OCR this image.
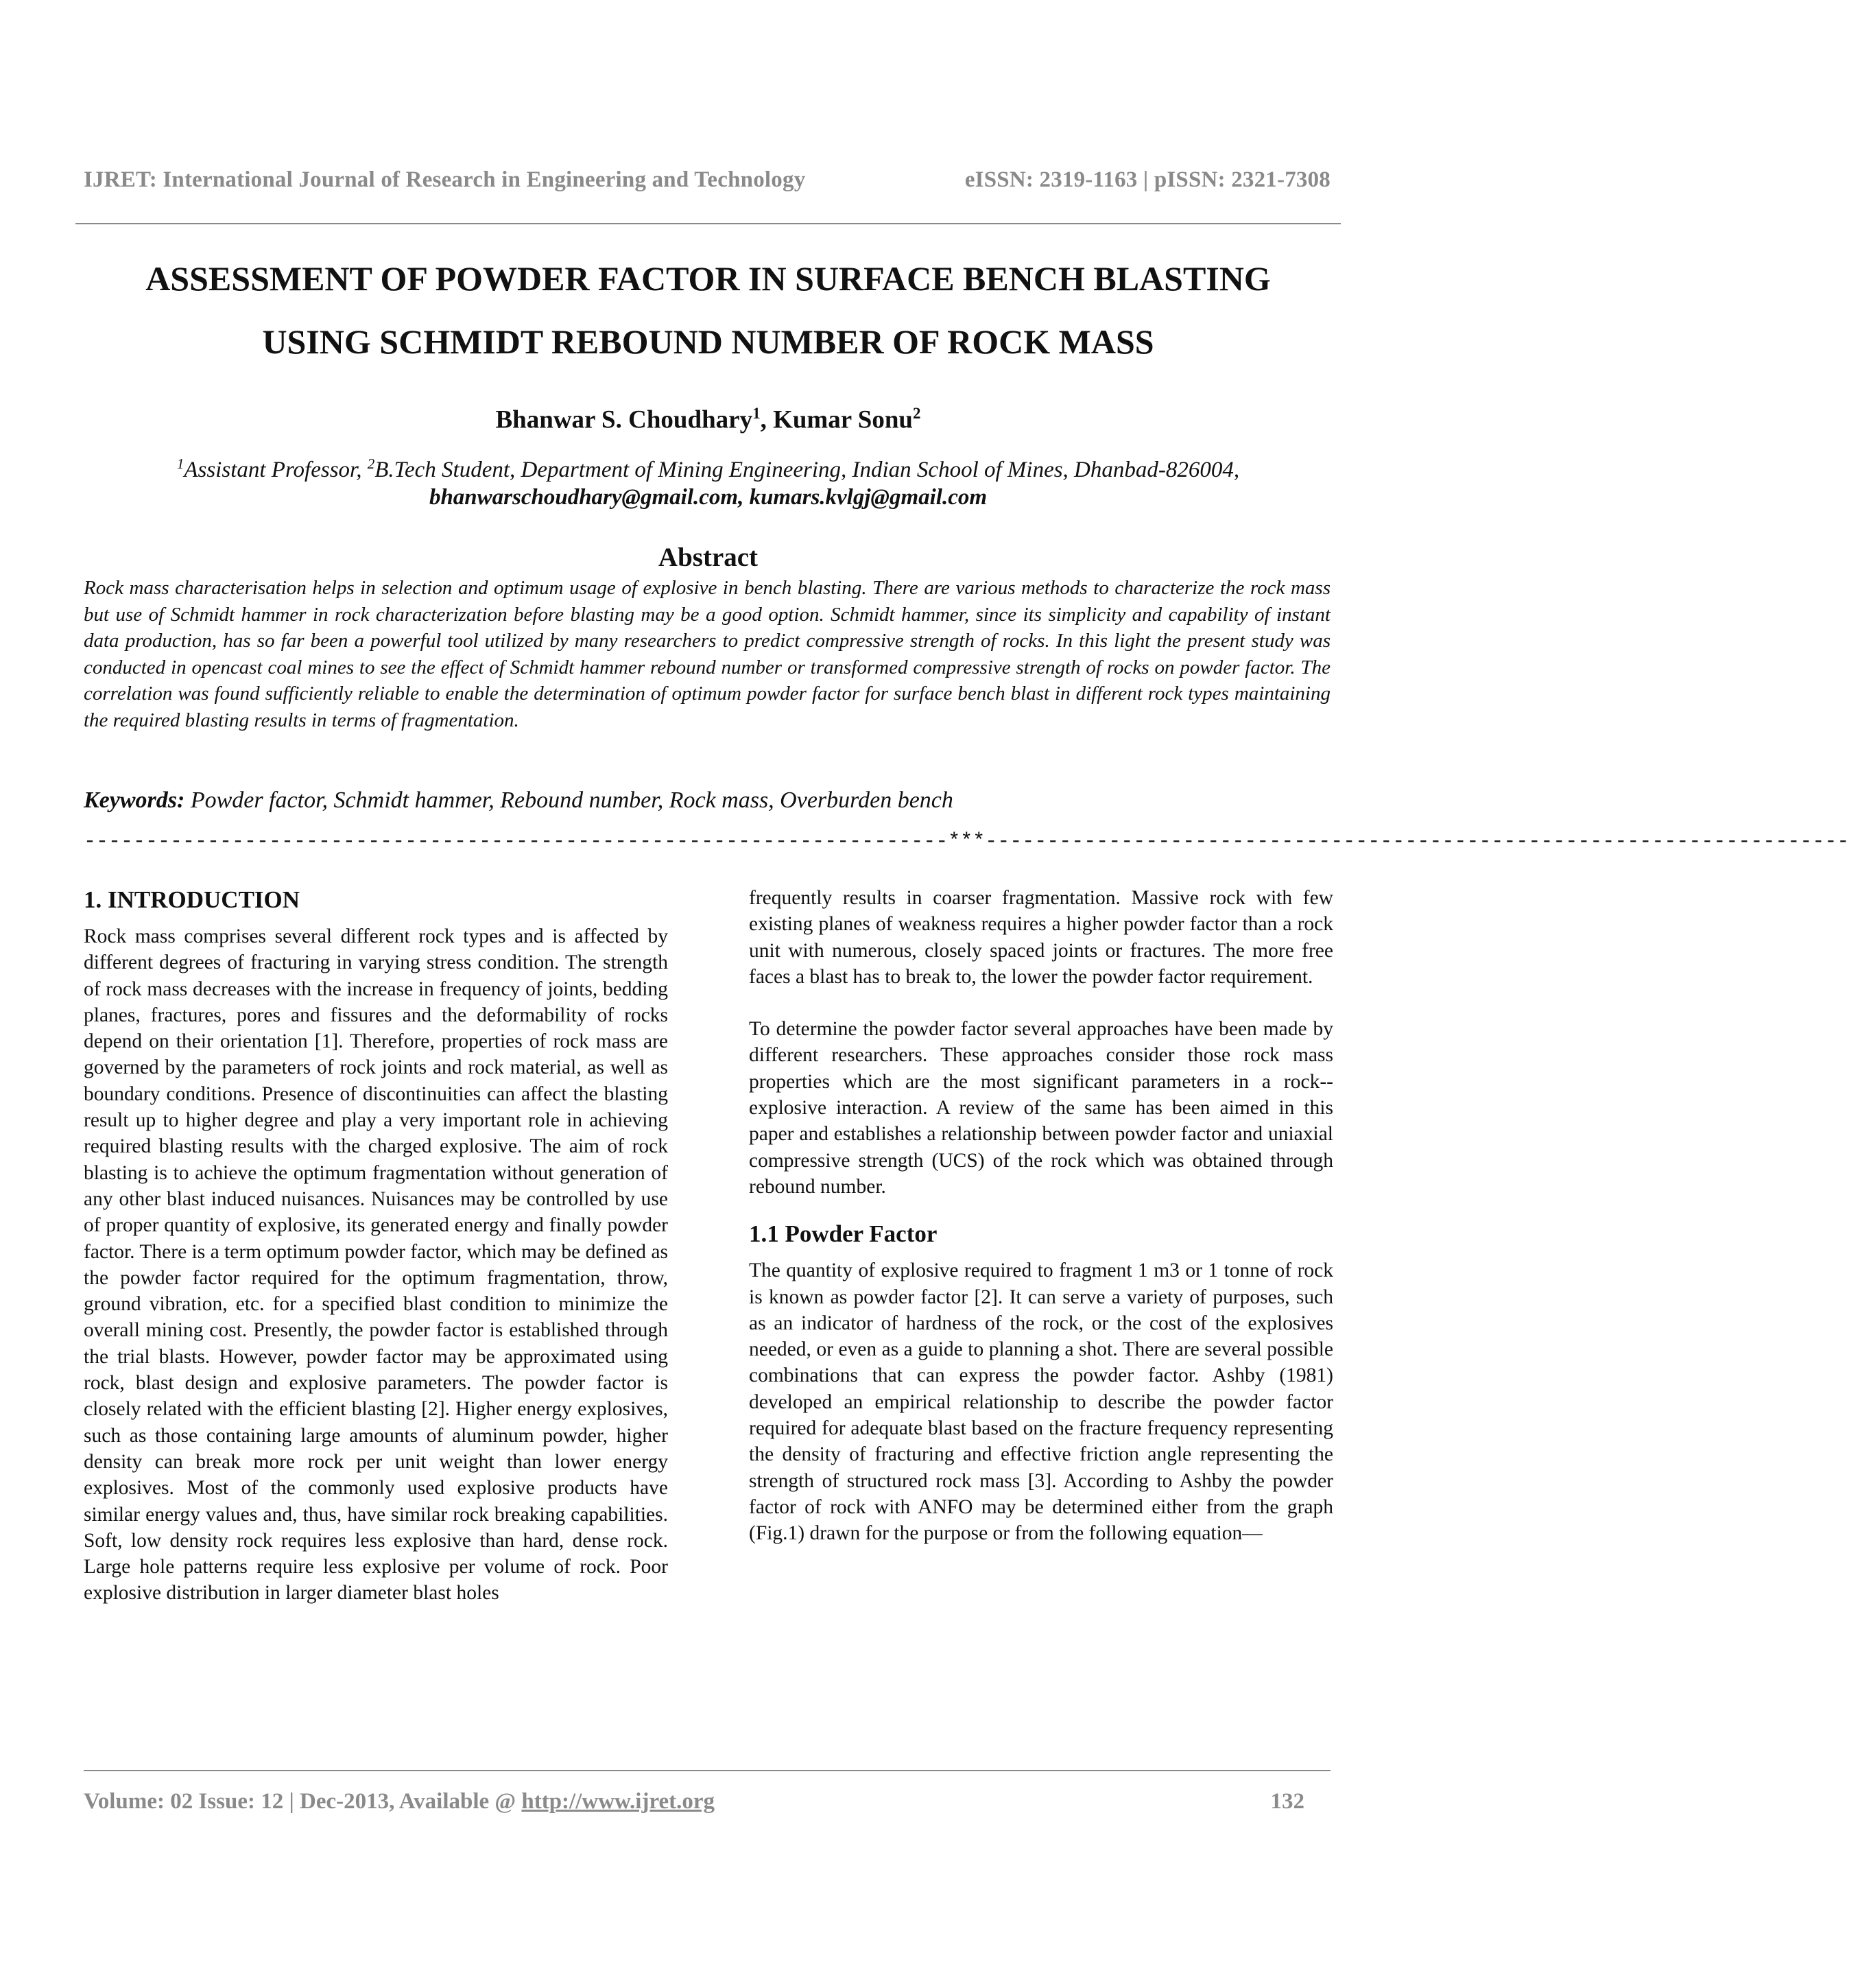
IJRET: International Journal of Research in Engineering and Technology	eISSN: 2319-1163 | pISSN: 2321-7308
ASSESSMENT OF POWDER FACTOR IN SURFACE BENCH BLASTING
USING SCHMIDT REBOUND NUMBER OF ROCK MASS
Bhanwar S. Choudhary$^1$, Kumar Sonu$^2$
$^1$Assistant Professor, $^2$B.Tech Student, Department of Mining Engineering, Indian School of Mines, Dhanbad-826004,
bhanwarschoudhary@gmail.com, kumars.kvlgj@gmail.com
Abstract
Rock mass characterisation helps in selection and optimum usage of explosive in bench blasting. There are various methods to characterize the rock mass but use of Schmidt hammer in rock characterization before blasting may be a good option. Schmidt hammer, since its simplicity and capability of instant data production, has so far been a powerful tool utilized by many researchers to predict compressive strength of rocks. In this light the present study was conducted in opencast coal mines to see the effect of Schmidt hammer rebound number or transformed compressive strength of rocks on powder factor. The correlation was found sufficiently reliable to enable the determination of optimum powder factor for surface bench blast in different rock types maintaining the required blasting results in terms of fragmentation.
Keywords: Powder factor, Schmidt hammer, Rebound number, Rock mass, Overburden bench
----------------------------------------------------------------------***----------------------------------------------------------------------
1. INTRODUCTION

Rock mass comprises several different rock types and is affected by different degrees of fracturing in varying stress condition. The strength of rock mass decreases with the increase in frequency of joints, bedding planes, fractures, pores and fissures and the deformability of rocks depend on their orientation [1]. Therefore, properties of rock mass are governed by the parameters of rock joints and rock material, as well as boundary conditions. Presence of discontinuities can affect the blasting result up to higher degree and play a very important role in achieving required blasting results with the charged explosive. The aim of rock blasting is to achieve the optimum fragmentation without generation of any other blast induced nuisances. Nuisances may be controlled by use of proper quantity of explosive, its generated energy and finally powder factor. There is a term optimum powder factor, which may be defined as the powder factor required for the optimum fragmentation, throw, ground vibration, etc. for a specified blast condition to minimize the overall mining cost. Presently, the powder factor is established through the trial blasts. However, powder factor may be approximated using rock, blast design and explosive parameters. The powder factor is closely related with the efficient blasting [2]. Higher energy explosives, such as those containing large amounts of aluminum powder, higher density can break more rock per unit weight than lower energy explosives. Most of the commonly used explosive products have similar energy values and, thus, have similar rock breaking capabilities. Soft, low density rock requires less explosive than hard, dense rock. Large hole patterns require less explosive per volume of rock. Poor explosive distribution in larger diameter blast holes

frequently results in coarser fragmentation. Massive rock with few existing planes of weakness requires a higher powder factor than a rock unit with numerous, closely spaced joints or fractures. The more free faces a blast has to break to, the lower the powder factor requirement.

To determine the powder factor several approaches have been made by different researchers. These approaches consider those rock mass properties which are the most significant parameters in a rock--explosive interaction. A review of the same has been aimed in this paper and establishes a relationship between powder factor and uniaxial compressive strength (UCS) of the rock which was obtained through rebound number.

1.1 Powder Factor

The quantity of explosive required to fragment 1 m3 or 1 tonne of rock is known as powder factor [2]. It can serve a variety of purposes, such as an indicator of hardness of the rock, or the cost of the explosives needed, or even as a guide to planning a shot. There are several possible combinations that can express the powder factor. Ashby (1981) developed an empirical relationship to describe the powder factor required for adequate blast based on the fracture frequency representing the density of fracturing and effective friction angle representing the strength of structured rock mass [3]. According to Ashby the powder factor of rock with ANFO may be determined either from the graph (Fig.1) drawn for the purpose or from the following equation—

Volume: 02 Issue: 12 | Dec-2013, Available @ http://www.ijret.org	132
